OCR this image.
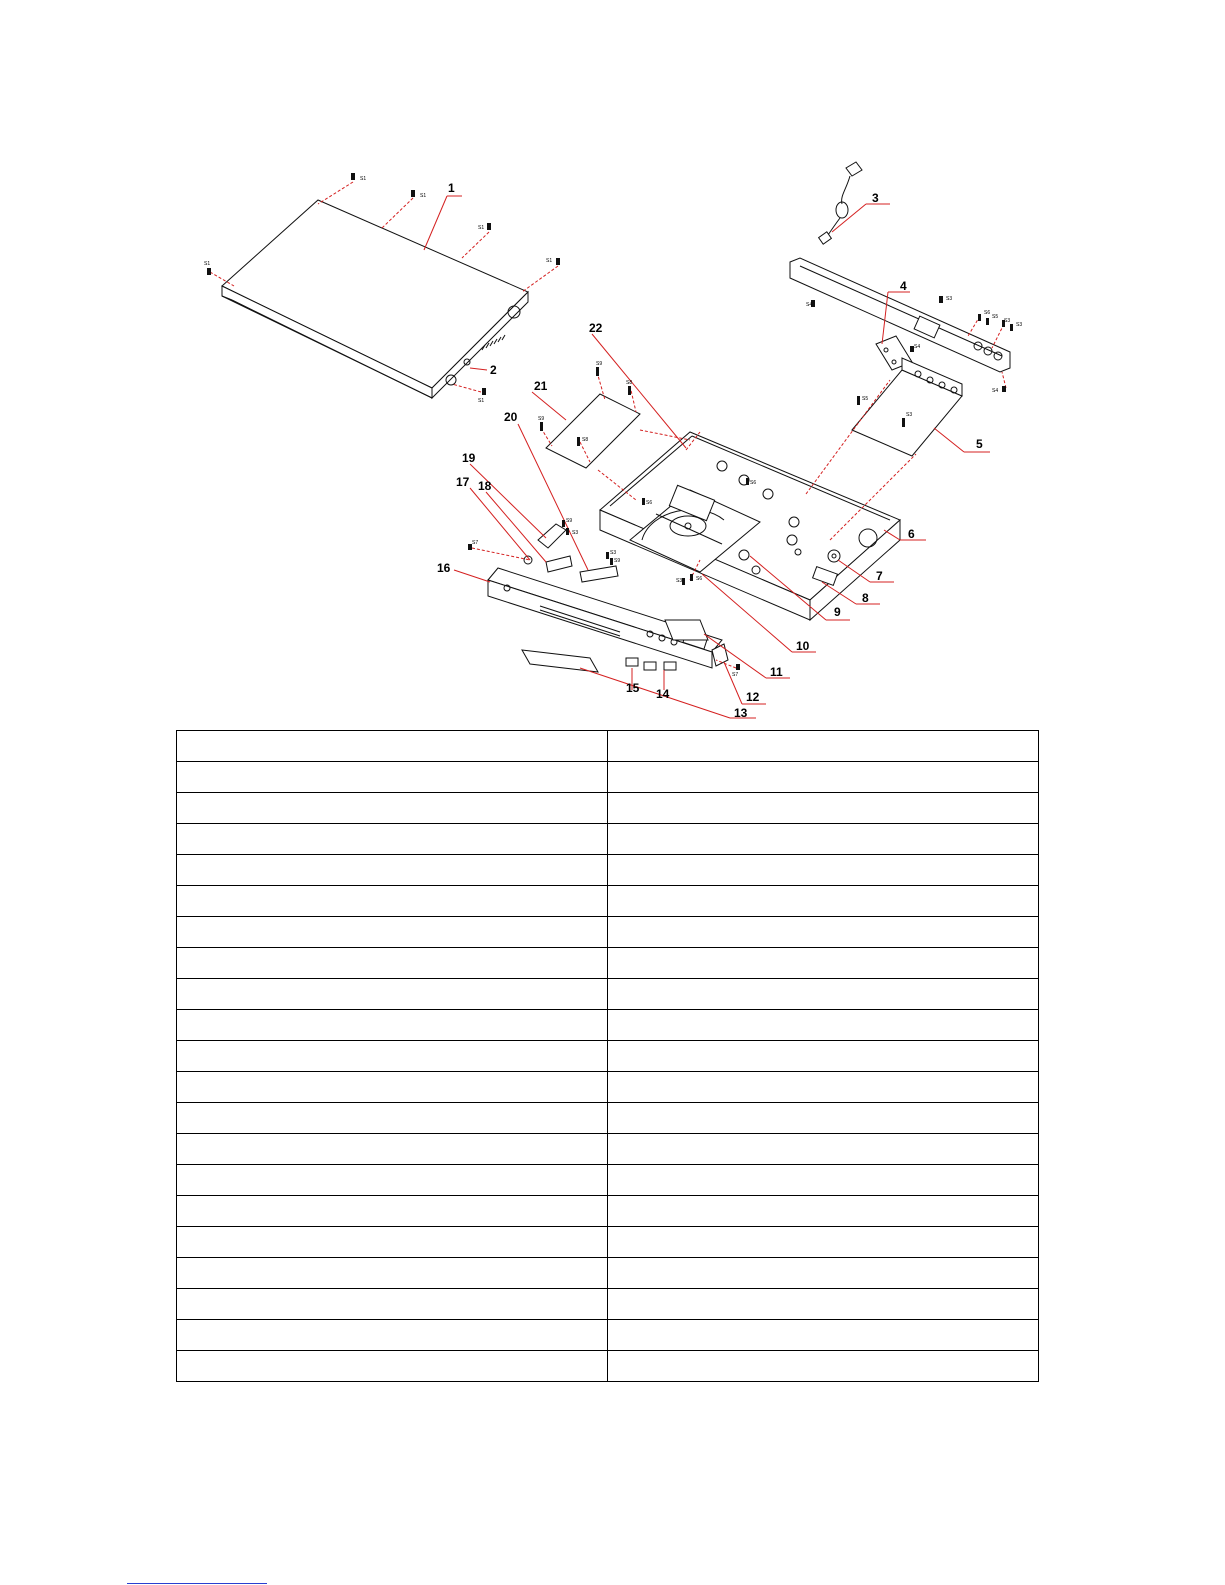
S1
S1
S1
S1
S1
S1
S9
S8
S9
S8
S4
S3
S6
S5
S3
S3
S4
S4
S5
S3
S6
S6
S9
S3
S3
S9
S3	S6
S7
S7
1
2
3
4
5
6
7
8
9
10
11
12
13
14
15
16
17 18
19
20
21
22
